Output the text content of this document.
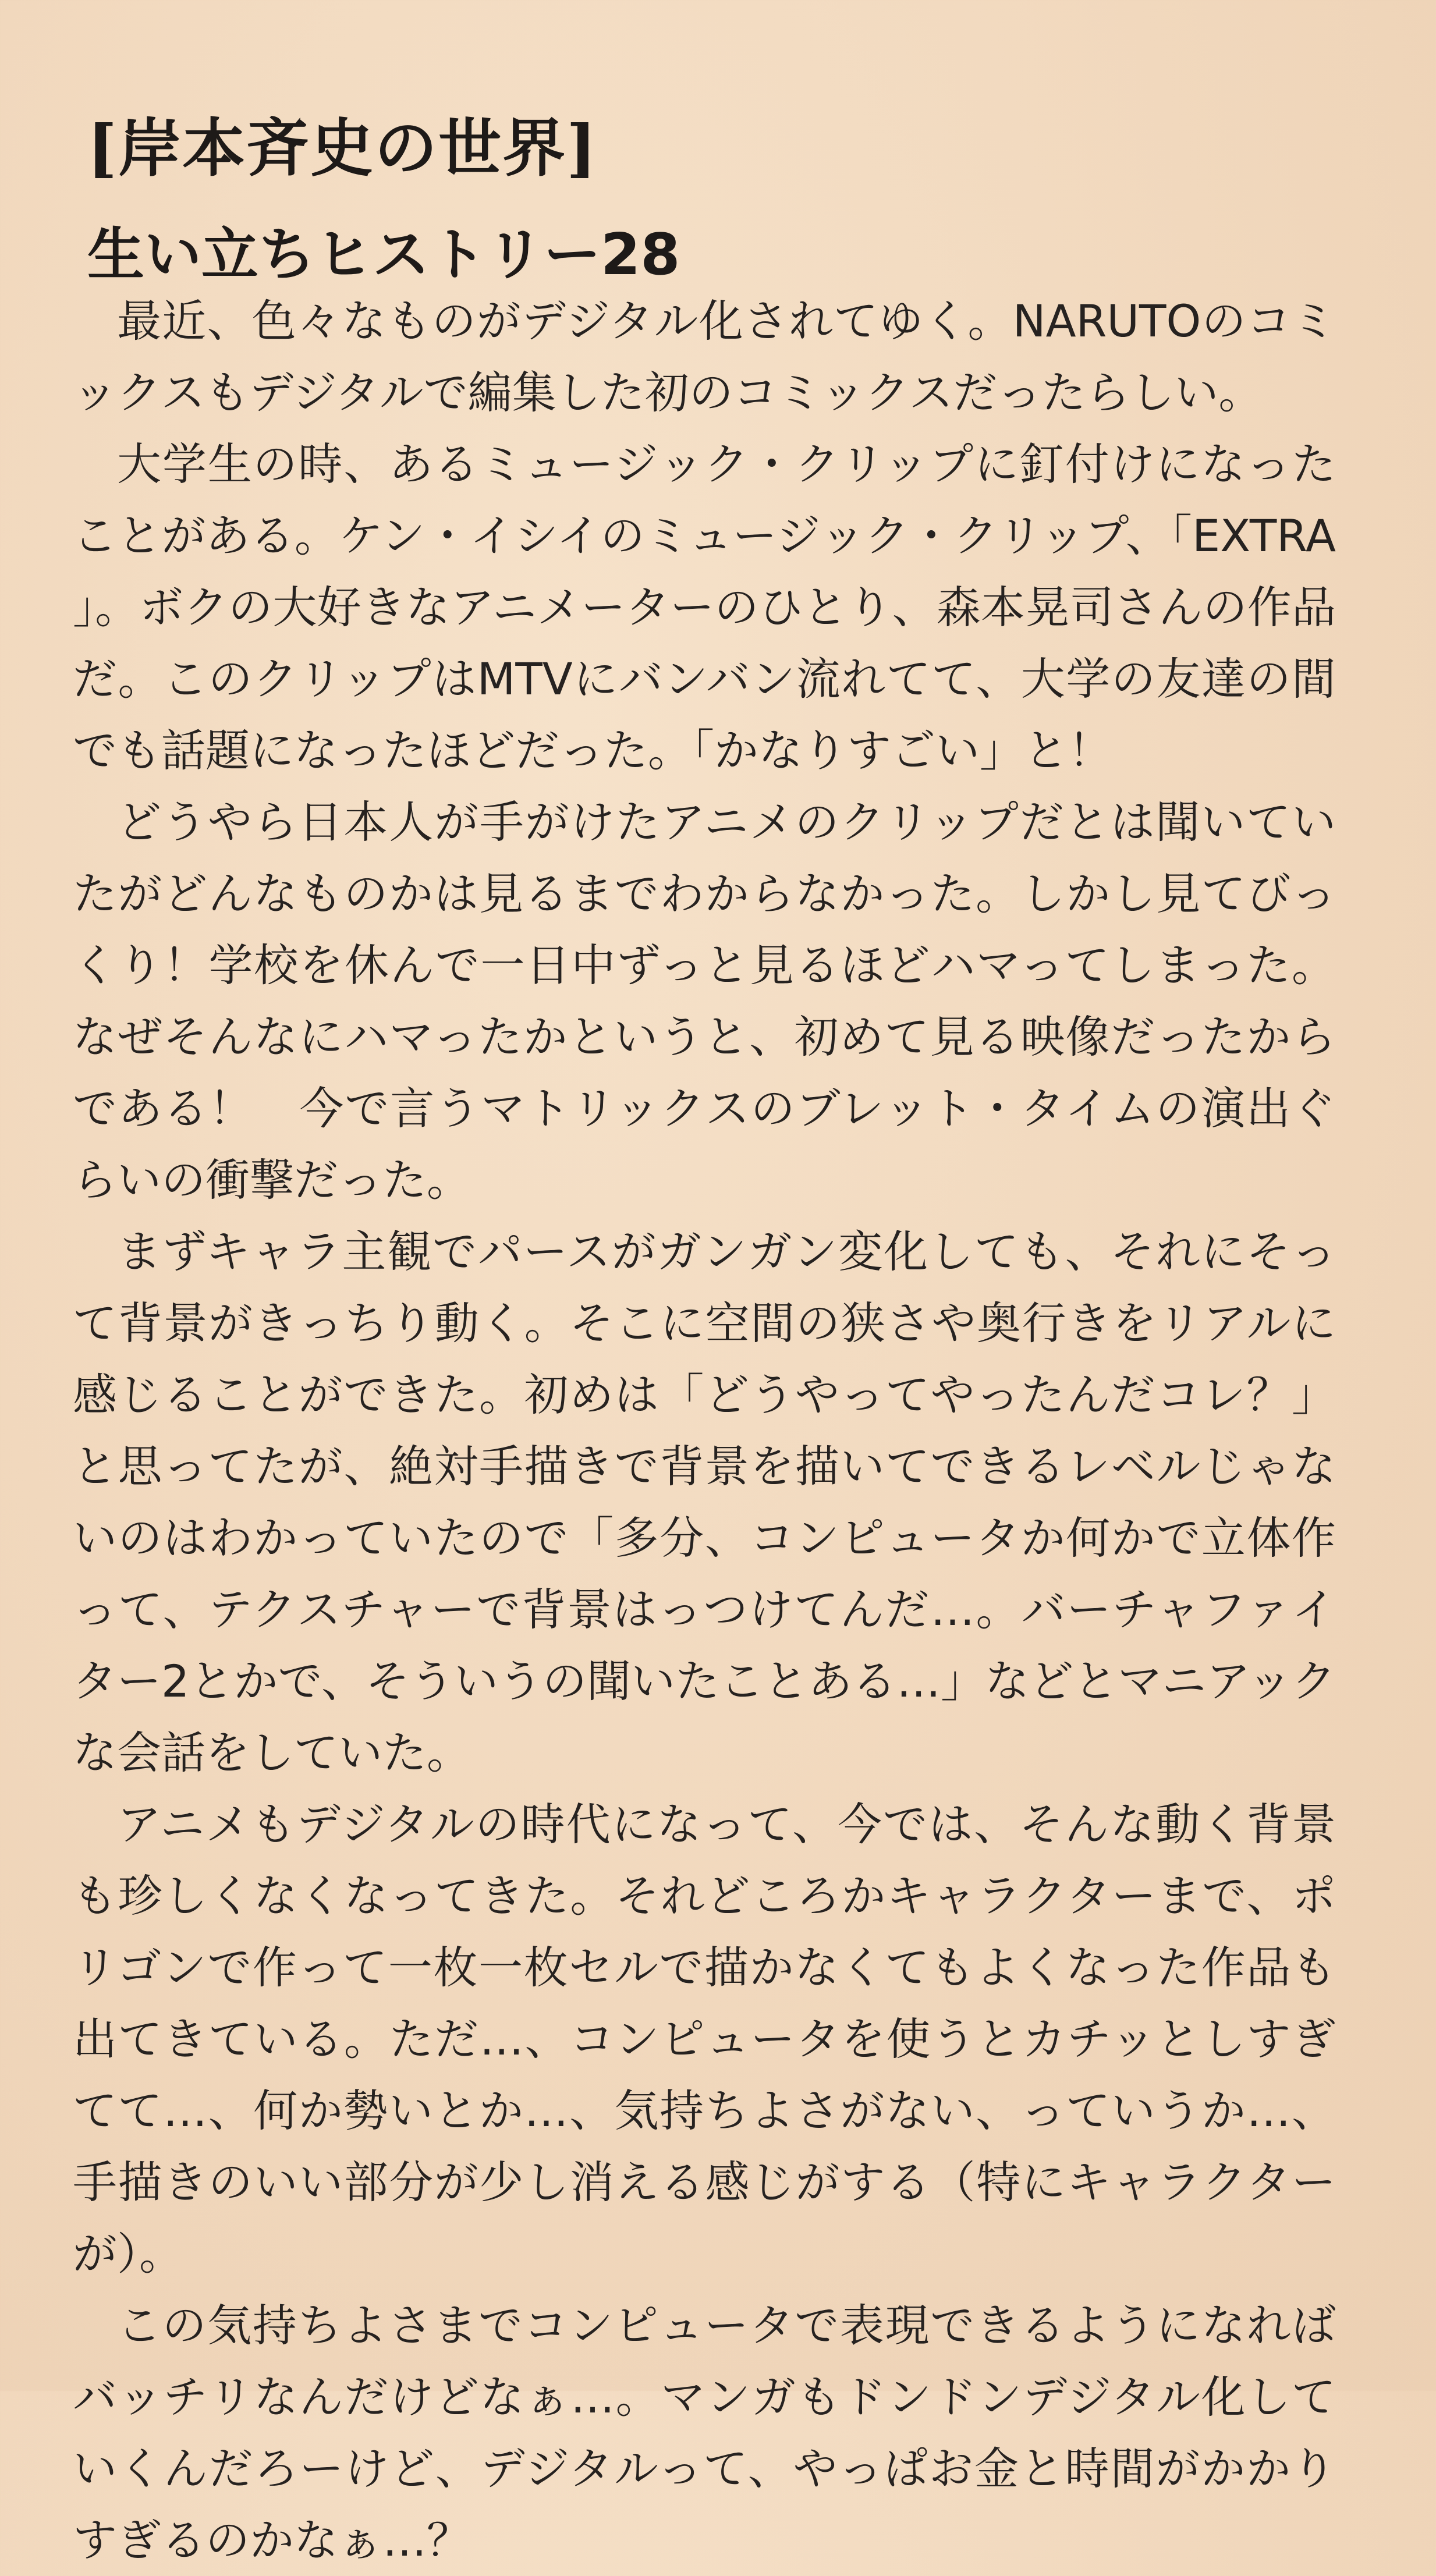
[岸本斉史の世界]
生い立ちヒストリー28

最近、色々なものがデジタル化されてゆく。NARUTOのコミックスもデジタルで編集した初のコミックスだったらしい。

大学生の時、あるミュージック・クリップに釘付けになったことがある。ケン・イシイのミュージック・クリップ、「EXTRA」。ボクの大好きなアニメーターのひとり、森本晃司さんの作品だ。このクリップはMTVにバンバン流れてて、大学の友達の間でも話題になったほどだった。「かなりすごい」と！

どうやら日本人が手がけたアニメのクリップだとは聞いていたがどんなものかは見るまでわからなかった。しかし見てびっくり！学校を休んで一日中ずっと見るほどハマってしまった。なぜそんなにハマったかというと、初めて見る映像だったからである！　今で言うマトリックスのブレット・タイムの演出ぐらいの衝撃だった。

まずキャラ主観でパースがガンガン変化しても、それにそって背景がきっちり動く。そこに空間の狭さや奥行きをリアルに感じることができた。初めは「どうやってやったんだコレ？」と思ってたが、絶対手描きで背景を描いてできるレベルじゃないのはわかっていたので「多分、コンピュータか何かで立体作って、テクスチャーで背景はっつけてんだ…。バーチャファイター2とかで、そういうの聞いたことある…」などとマニアックな会話をしていた。

アニメもデジタルの時代になって、今では、そんな動く背景も珍しくなくなってきた。それどころかキャラクターまで、ポリゴンで作って一枚一枚セルで描かなくてもよくなった作品も出てきている。ただ…、コンピュータを使うとカチッとしすぎてて…、何か勢いとか…、気持ちよさがない、っていうか…、手描きのいい部分が少し消える感じがする（特にキャラクターが）。

この気持ちよさまでコンピュータで表現できるようになればバッチリなんだけどなぁ…。マンガもドンドンデジタル化していくんだろーけど、デジタルって、やっぱお金と時間がかかりすぎるのかなぁ…？
